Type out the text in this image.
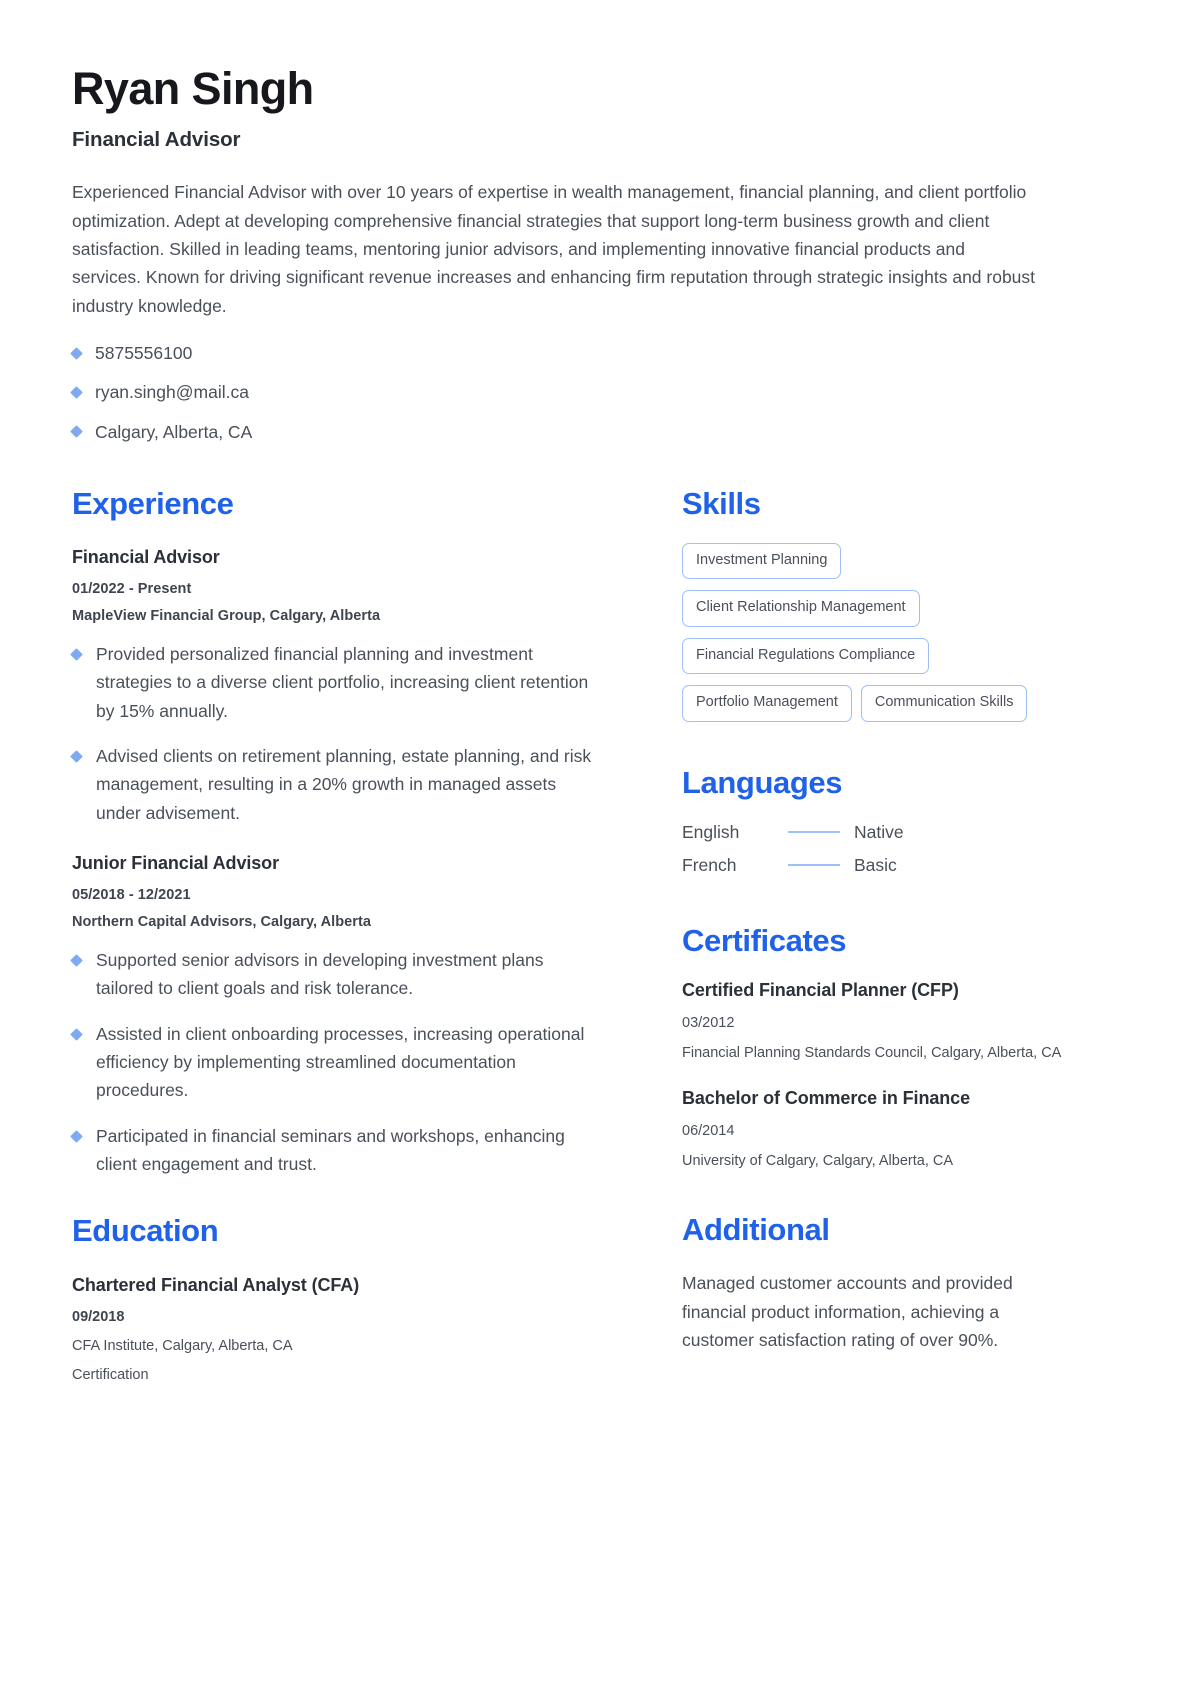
Ryan Singh
Financial Advisor
Experienced Financial Advisor with over 10 years of expertise in wealth management, financial planning, and client portfolio optimization. Adept at developing comprehensive financial strategies that support long-term business growth and client satisfaction. Skilled in leading teams, mentoring junior advisors, and implementing innovative financial products and services. Known for driving significant revenue increases and enhancing firm reputation through strategic insights and robust industry knowledge.
5875556100
ryan.singh@mail.ca
Calgary, Alberta, CA
Experience
Financial Advisor
01/2022 - Present
MapleView Financial Group, Calgary, Alberta
Provided personalized financial planning and investment strategies to a diverse client portfolio, increasing client retention by 15% annually.
Advised clients on retirement planning, estate planning, and risk management, resulting in a 20% growth in managed assets under advisement.
Junior Financial Advisor
05/2018 - 12/2021
Northern Capital Advisors, Calgary, Alberta
Supported senior advisors in developing investment plans tailored to client goals and risk tolerance.
Assisted in client onboarding processes, increasing operational efficiency by implementing streamlined documentation procedures.
Participated in financial seminars and workshops, enhancing client engagement and trust.
Education
Chartered Financial Analyst (CFA)
09/2018
CFA Institute, Calgary, Alberta, CA
Certification
Skills
Investment Planning
Client Relationship Management
Financial Regulations Compliance
Portfolio Management	Communication Skills
Languages
English	Native
French	Basic
Certificates
Certified Financial Planner (CFP)
03/2012
Financial Planning Standards Council, Calgary, Alberta, CA
Bachelor of Commerce in Finance
06/2014
University of Calgary, Calgary, Alberta, CA
Additional
Managed customer accounts and provided financial product information, achieving a customer satisfaction rating of over 90%.
